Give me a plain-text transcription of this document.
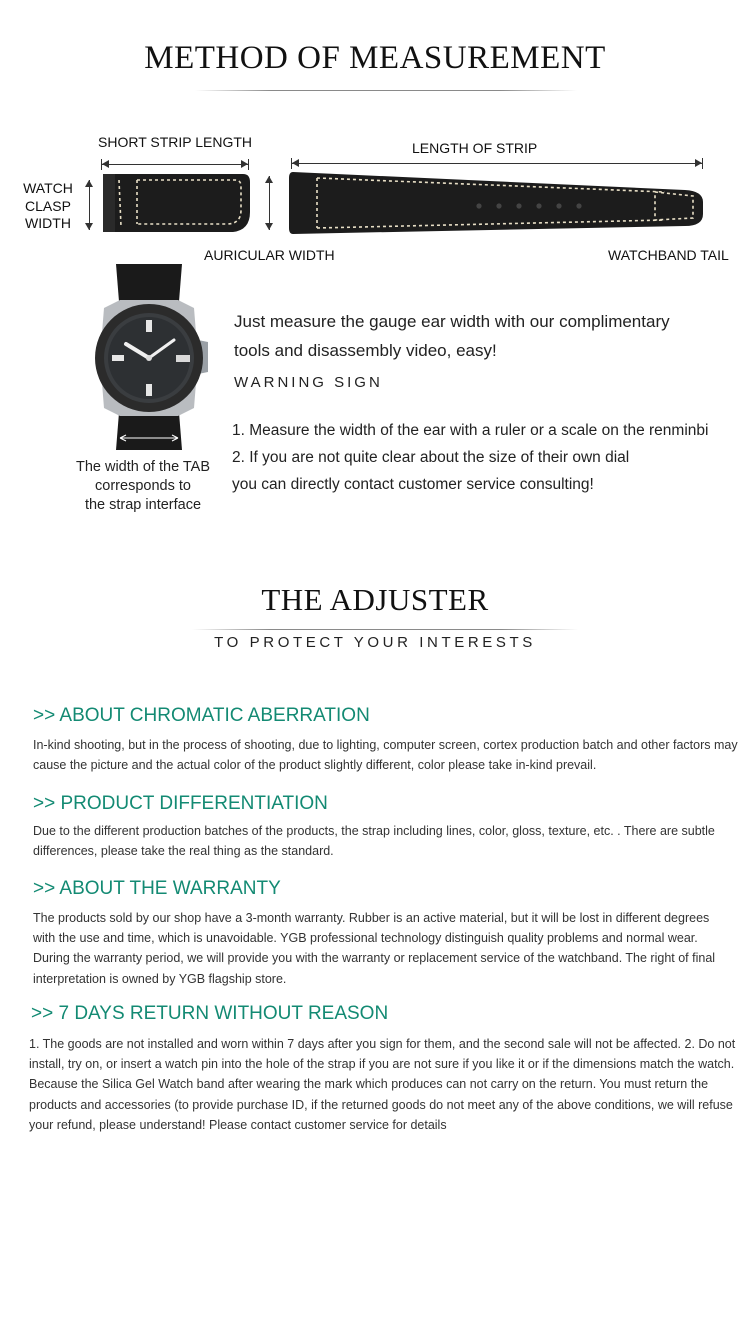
METHOD OF MEASUREMENT
SHORT STRIP LENGTH	LENGTH OF STRIP
WATCH
CLASP
WIDTH
AURICULAR WIDTH	WATCHBAND TAIL
The width of the TAB
corresponds to
the strap interface
Just measure the gauge ear width with our complimentary
tools and disassembly video, easy!
WARNING SIGN
1. Measure the width of the ear with a ruler or a scale on the renminbi
2. If you are not quite clear about the size of their own dial
you can directly contact customer service consulting!
THE ADJUSTER
TO PROTECT YOUR INTERESTS
>> ABOUT CHROMATIC ABERRATION
In-kind shooting, but in the process of shooting, due to lighting, computer screen, cortex production batch and other factors may cause the picture and the actual color of the product slightly different, color please take in-kind prevail.
>> PRODUCT DIFFERENTIATION
Due to the different production batches of the products, the strap including lines, color, gloss, texture, etc. . There are subtle differences, please take the real thing as the standard.
>> ABOUT THE WARRANTY
The products sold by our shop have a 3-month warranty. Rubber is an active material, but it will be lost in different degrees with the use and time, which is unavoidable. YGB professional technology distinguish quality problems and normal wear. During the warranty period, we will provide you with the warranty or replacement service of the watchband. The right of final interpretation is owned by YGB flagship store.
>> 7 DAYS RETURN WITHOUT REASON
1. The goods are not installed and worn within 7 days after you sign for them, and the second sale will not be affected. 2. Do not install, try on, or insert a watch pin into the hole of the strap if you are not sure if you like it or if the dimensions match the watch. Because the Silica Gel Watch band after wearing the mark which produces can not carry on the return. You must return the products and accessories (to provide purchase ID, if the returned goods do not meet any of the above conditions, we will refuse your refund, please understand! Please contact customer service for details
